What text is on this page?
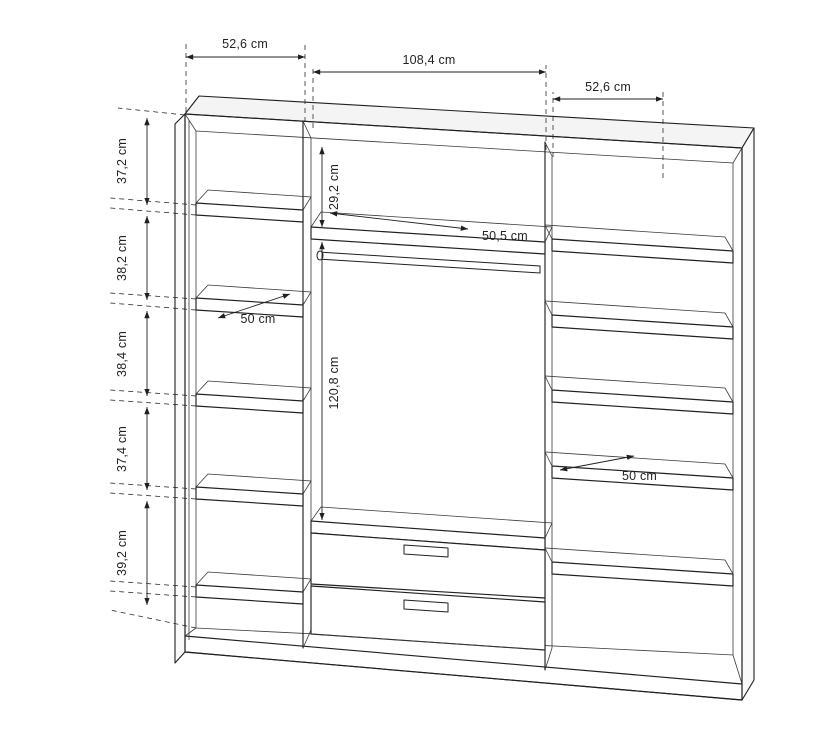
52,6 cm
108,4 cm
52,6 cm
37,2 cm
38,2 cm
38,4 cm
37,4 cm
39,2 cm
29,2 cm
120,8 cm
50,5 cm
50 cm
50 cm
